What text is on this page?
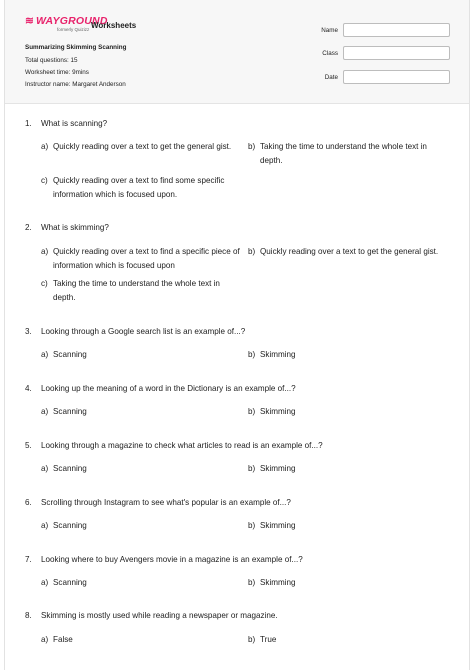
≋ WAYGROUND
formerly Quizizz Worksheets
Summarizing Skimming Scanning
Total questions: 15
Worksheet time: 9mins
Instructor name: Margaret Anderson
Name
Class
Date
1. What is scanning?
a) Quickly reading over a text to get the general gist.	b) Taking the time to understand the whole text in depth.
c) Quickly reading over a text to find some specific information which is focused upon.
2. What is skimming?
a) Quickly reading over a text to find a specific piece of information which is focused upon
b) Quickly reading over a text to get the general gist.
c) Taking the time to understand the whole text in depth.
3. Looking through a Google search list is an example of...?
a) Scanning	b) Skimming
4. Looking up the meaning of a word in the Dictionary is an example of...?
a) Scanning	b) Skimming
5. Looking through a magazine to check what articles to read is an example of...?
a) Scanning	b) Skimming
6. Scrolling through Instagram to see what's popular is an example of...?
a) Scanning	b) Skimming
7. Looking where to buy Avengers movie in a magazine is an example of...?
a) Scanning	b) Skimming
8. Skimming is mostly used while reading a newspaper or magazine.
a) False	b) True
